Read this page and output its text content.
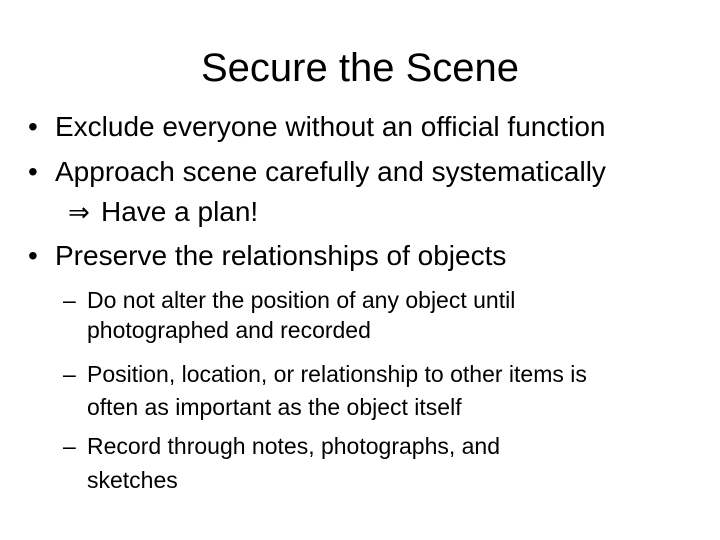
Secure the Scene
• Exclude everyone without an official function
• Approach scene carefully and systematically
⇒ Have a plan!
• Preserve the relationships of objects
– Do not alter the position of any object until
photographed and recorded
– Position, location, or relationship to other items is
often as important as the object itself
– Record through notes, photographs, and
sketches
